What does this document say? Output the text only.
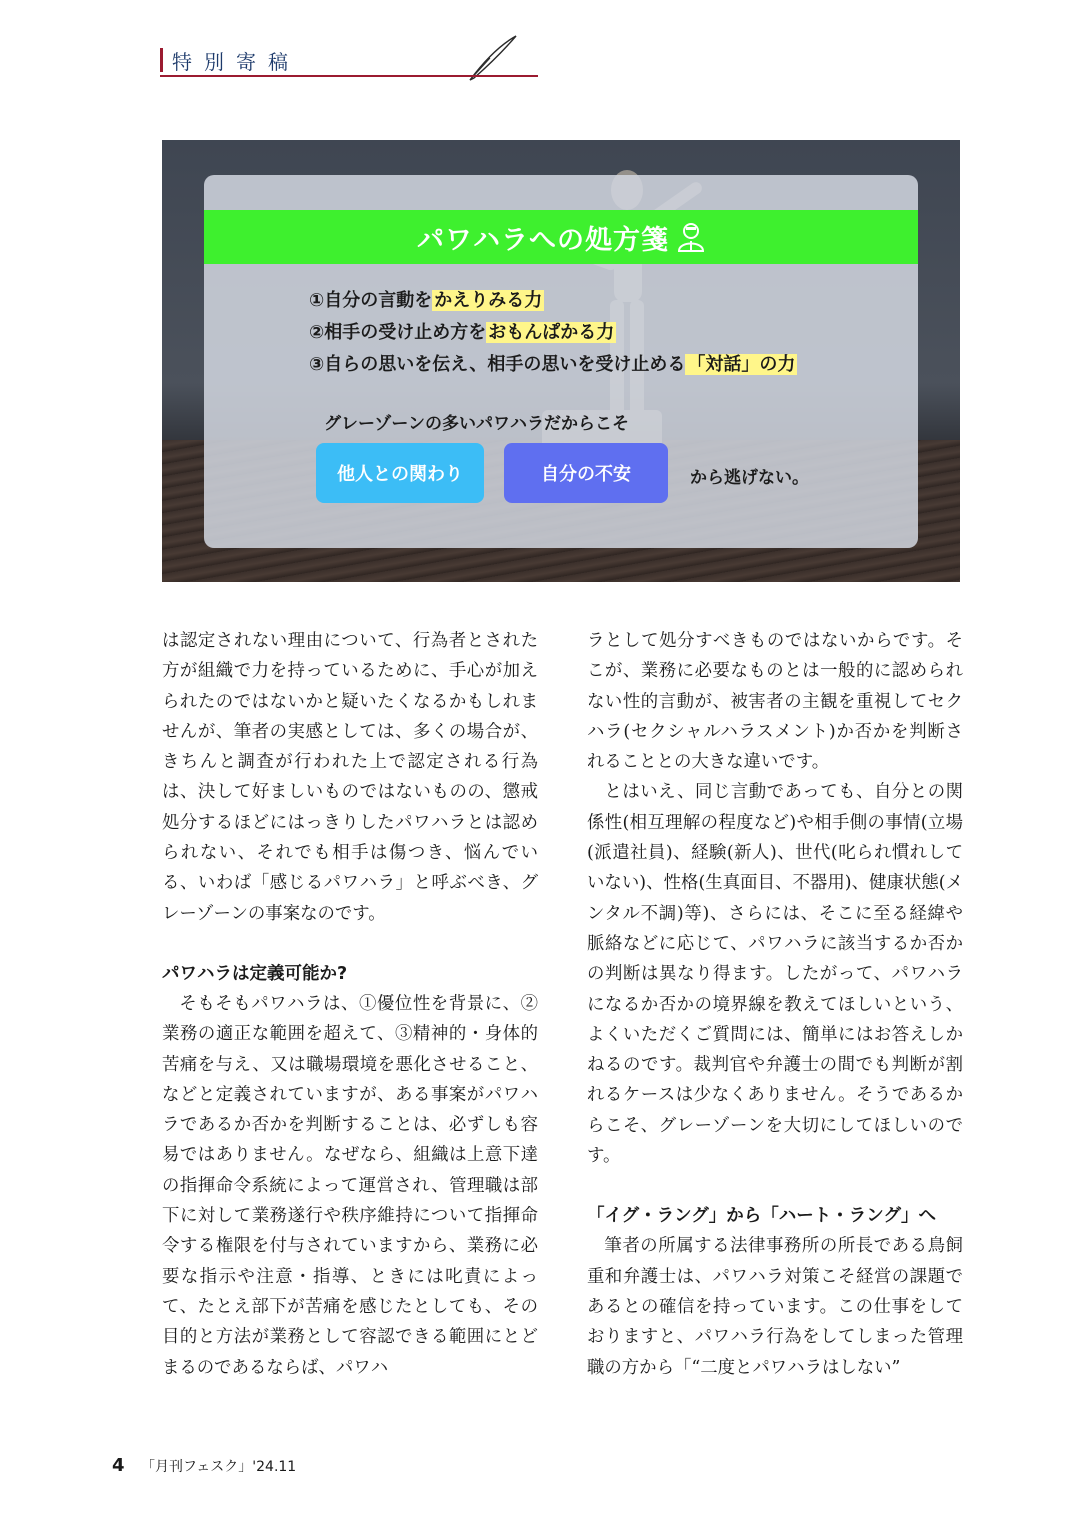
特別寄稿
パワハラへの処方箋
①自分の言動を かえりみる力
②相手の受け止め方を おもんぱかる力
③自らの思いを伝え、相手の思いを受け止める 「対話」の力
グレーゾーンの多いパワハラだからこそ
他人との関わり	自分の不安	から逃げない。

は認定されない理由について、行為者とされた方が組織で力を持っているために、手心が加えられたのではないかと疑いたくなるかもしれませんが、筆者の実感としては、多くの場合が、きちんと調査が行われた上で認定される行為は、決して好ましいものではないものの、懲戒処分するほどにはっきりしたパワハラとは認められない、それでも相手は傷つき、悩んでいる、いわば「感じるパワハラ」と呼ぶべき、グレーゾーンの事案なのです。

パワハラは定義可能か?

そもそもパワハラは、①優位性を背景に、②業務の適正な範囲を超えて、③精神的・身体的苦痛を与え、又は職場環境を悪化させること、などと定義されていますが、ある事案がパワハラであるか否かを判断することは、必ずしも容易ではありません。なぜなら、組織は上意下達の指揮命令系統によって運営され、管理職は部下に対して業務遂行や秩序維持について指揮命令する権限を付与されていますから、業務に必要な指示や注意・指導、ときには叱責によって、たとえ部下が苦痛を感じたとしても、その目的と方法が業務として容認できる範囲にとどまるのであるならば、パワハ

ラとして処分すべきものではないからです。そこが、業務に必要なものとは一般的に認められない性的言動が、被害者の主観を重視してセクハラ(セクシャルハラスメント)か否かを判断されることとの大きな違いです。

とはいえ、同じ言動であっても、自分との関係性(相互理解の程度など)や相手側の事情(立場(派遣社員)、経験(新人)、世代(叱られ慣れしていない)、性格(生真面目、不器用)、健康状態(メンタル不調)等)、さらには、そこに至る経緯や脈絡などに応じて、パワハラに該当するか否かの判断は異なり得ます。したがって、パワハラになるか否かの境界線を教えてほしいという、よくいただくご質問には、簡単にはお答えしかねるのです。裁判官や弁護士の間でも判断が割れるケースは少なくありません。そうであるからこそ、グレーゾーンを大切にしてほしいのです。

「イグ・ラング」から「ハート・ラング」へ

筆者の所属する法律事務所の所長である鳥飼重和弁護士は、パワハラ対策こそ経営の課題であるとの確信を持っています。この仕事をしておりますと、パワハラ行為をしてしまった管理職の方から「“二度とパワハラはしない”

4 「月刊フェスク」'24.11
